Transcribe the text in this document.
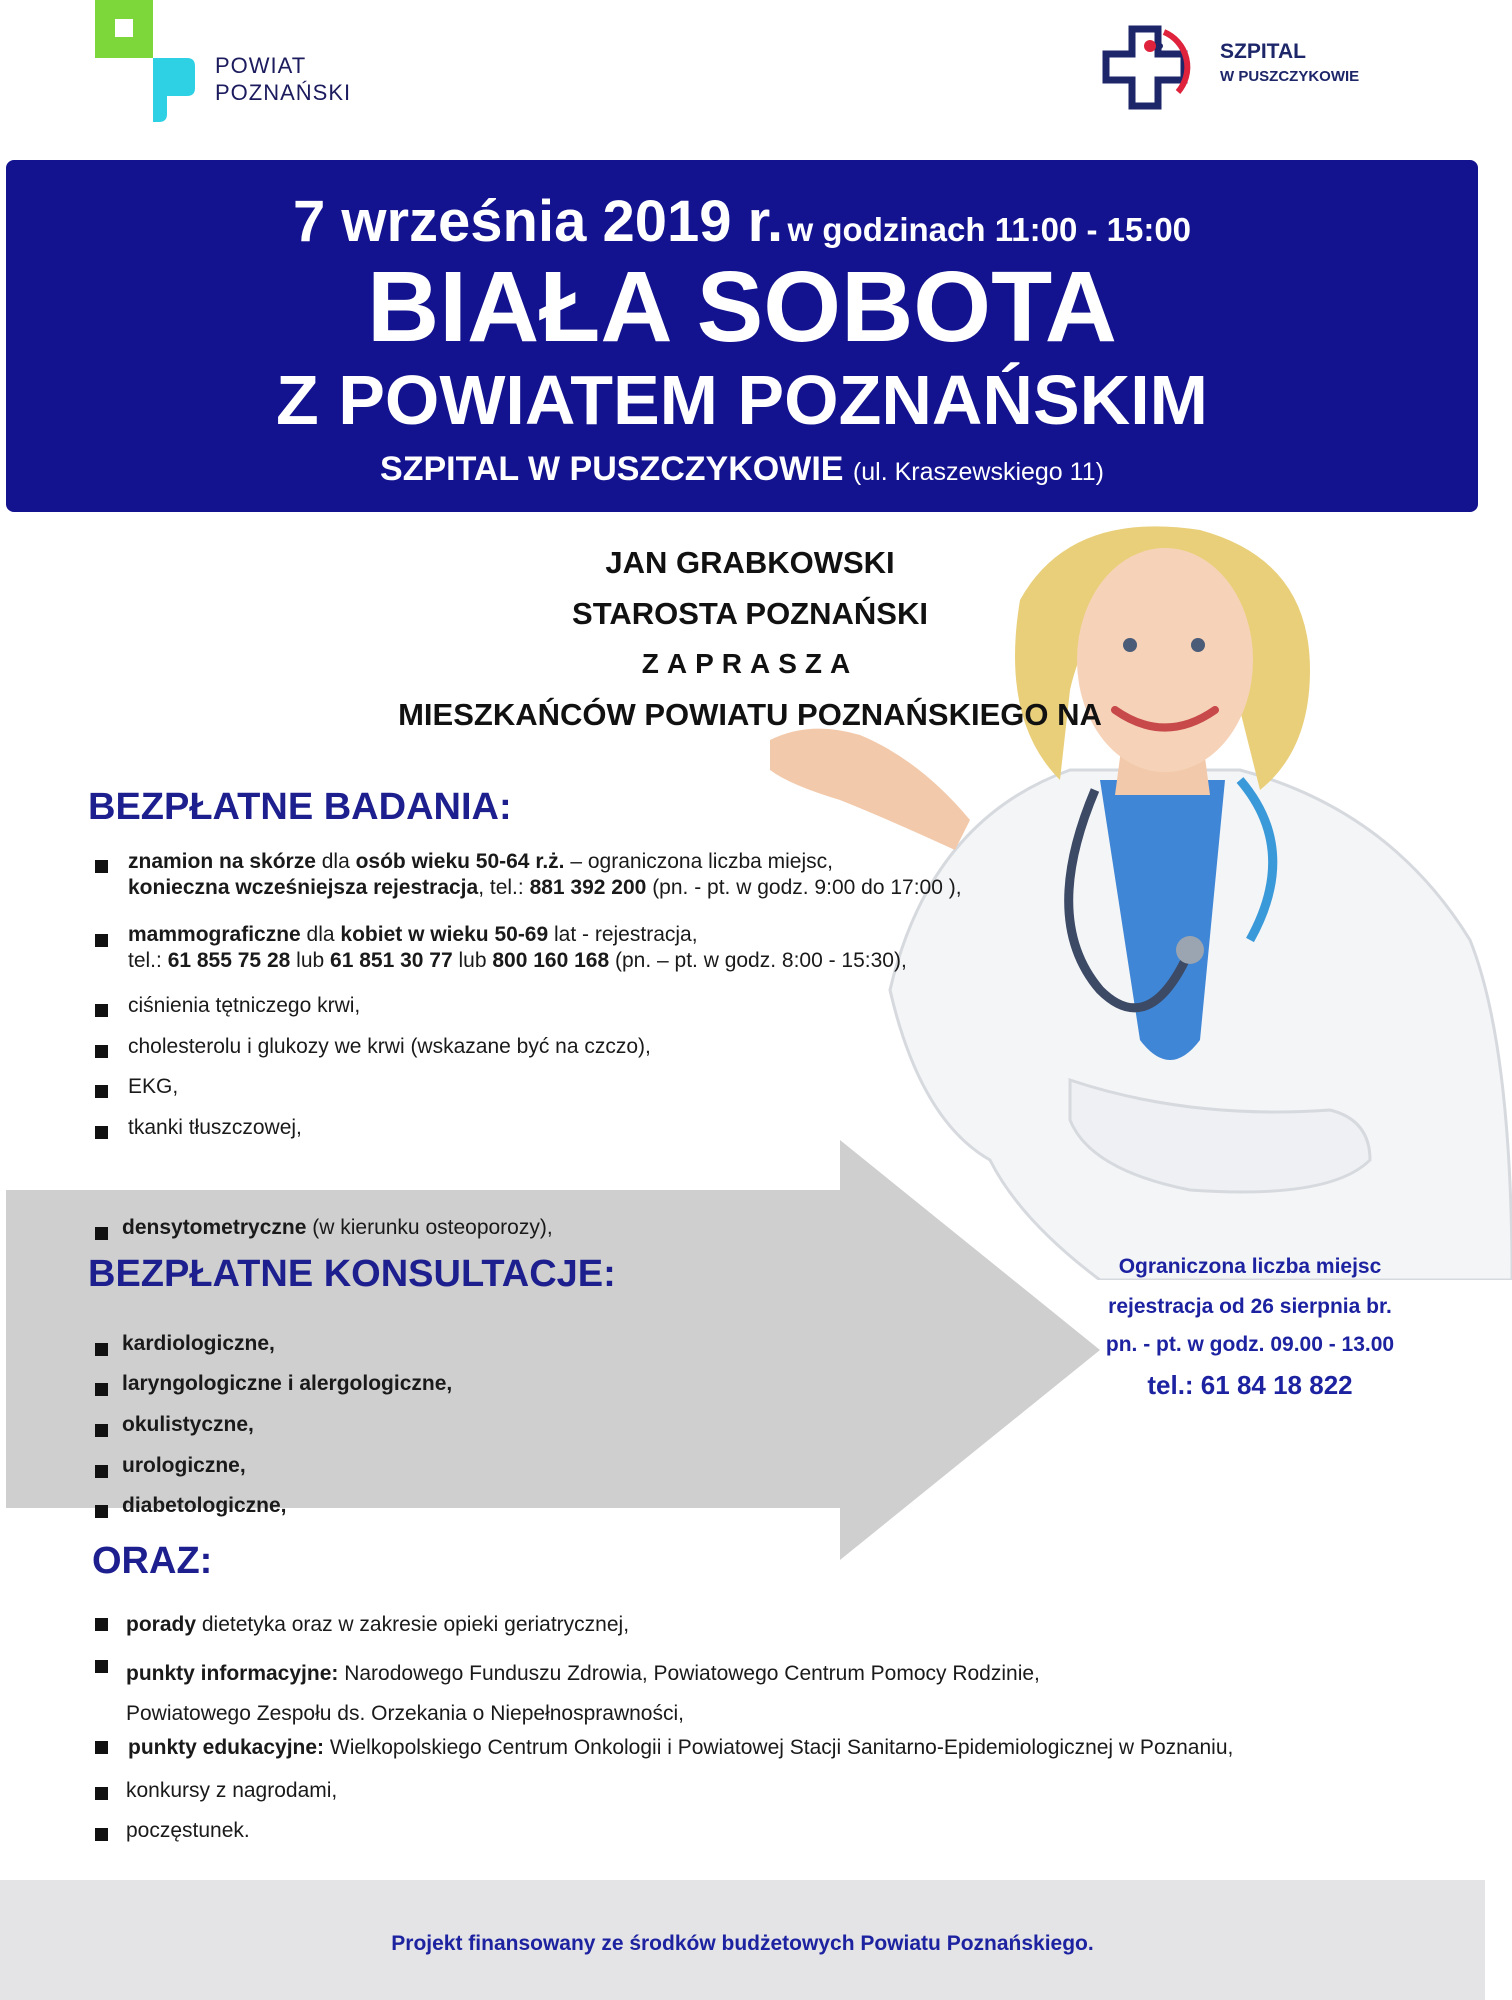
POWIAT
POZNAŃSKI
SZPITAL
W PUSZCZYKOWIE
7 września 2019 r. w godzinach 11:00 - 15:00
BIAŁA SOBOTA
Z POWIATEM POZNAŃSKIM
SZPITAL W PUSZCZYKOWIE (ul. Kraszewskiego 11)
JAN GRABKOWSKI
STAROSTA POZNAŃSKI
ZAPRASZA
MIESZKAŃCÓW POWIATU POZNAŃSKIEGO NA
BEZPŁATNE BADANIA:
znamion na skórze dla osób wieku 50-64 r.ż. – ograniczona liczba miejsc,
konieczna wcześniejsza rejestracja, tel.: 881 392 200 (pn. - pt. w godz. 9:00 do 17:00 ),
mammograficzne dla kobiet w wieku 50-69 lat - rejestracja,
tel.: 61 855 75 28 lub 61 851 30 77 lub 800 160 168 (pn. – pt. w godz. 8:00 - 15:30),
ciśnienia tętniczego krwi,
cholesterolu i glukozy we krwi (wskazane być na czczo),
EKG,
tkanki tłuszczowej,
densytometryczne (w kierunku osteoporozy),
BEZPŁATNE KONSULTACJE:
kardiologiczne,
laryngologiczne i alergologiczne,
okulistyczne,
urologiczne,
diabetologiczne,
Ograniczona liczba miejsc
rejestracja od 26 sierpnia br.
pn. - pt. w godz. 09.00 - 13.00
tel.: 61 84 18 822
ORAZ:
porady dietetyka oraz w zakresie opieki geriatrycznej,
punkty informacyjne: Narodowego Funduszu Zdrowia, Powiatowego Centrum Pomocy Rodzinie,
Powiatowego Zespołu ds. Orzekania o Niepełnosprawności,
punkty edukacyjne: Wielkopolskiego Centrum Onkologii i Powiatowej Stacji Sanitarno-Epidemiologicznej w Poznaniu,
konkursy z nagrodami,
poczęstunek.
Projekt finansowany ze środków budżetowych Powiatu Poznańskiego.
